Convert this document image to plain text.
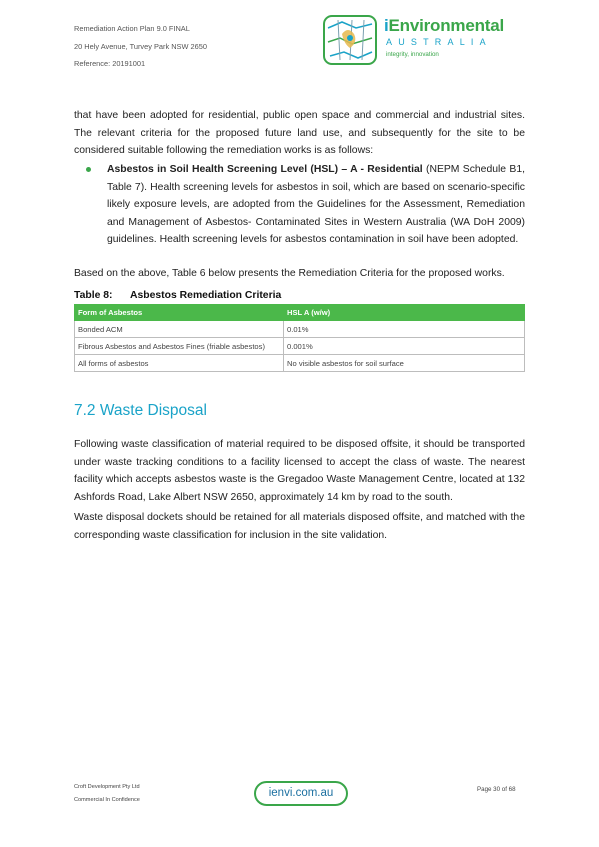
Remediation Action Plan 9.0 FINAL
20 Hely Avenue, Turvey Park NSW 2650
Reference: 20191001
iEnvironmental
AUSTRALIA
integrity, innovation
that have been adopted for residential, public open space and commercial and industrial sites. The relevant criteria for the proposed future land use, and subsequently for the site to be considered suitable following the remediation works is as follows:
Asbestos in Soil Health Screening Level (HSL) – A - Residential (NEPM Schedule B1, Table 7). Health screening levels for asbestos in soil, which are based on scenario-specific likely exposure levels, are adopted from the Guidelines for the Assessment, Remediation and Management of Asbestos- Contaminated Sites in Western Australia (WA DoH 2009) guidelines. Health screening levels for asbestos contamination in soil have been adopted.
Based on the above, Table 6 below presents the Remediation Criteria for the proposed works.
Table 8: Asbestos Remediation Criteria
Form of Asbestos	HSL A (w/w)
Bonded ACM	0.01%
Fibrous Asbestos and Asbestos Fines (friable asbestos)	0.001%
All forms of asbestos	No visible asbestos for soil surface
7.2 Waste Disposal
Following waste classification of material required to be disposed offsite, it should be transported under waste tracking conditions to a facility licensed to accept the class of waste. The nearest facility which accepts asbestos waste is the Gregadoo Waste Management Centre, located at 132 Ashfords Road, Lake Albert NSW 2650, approximately 14 km by road to the south.
Waste disposal dockets should be retained for all materials disposed offsite, and matched with the corresponding waste classification for inclusion in the site validation.
Croft Development Pty Ltd
Commercial In Confidence
ienvi.com.au	Page 30 of 68
